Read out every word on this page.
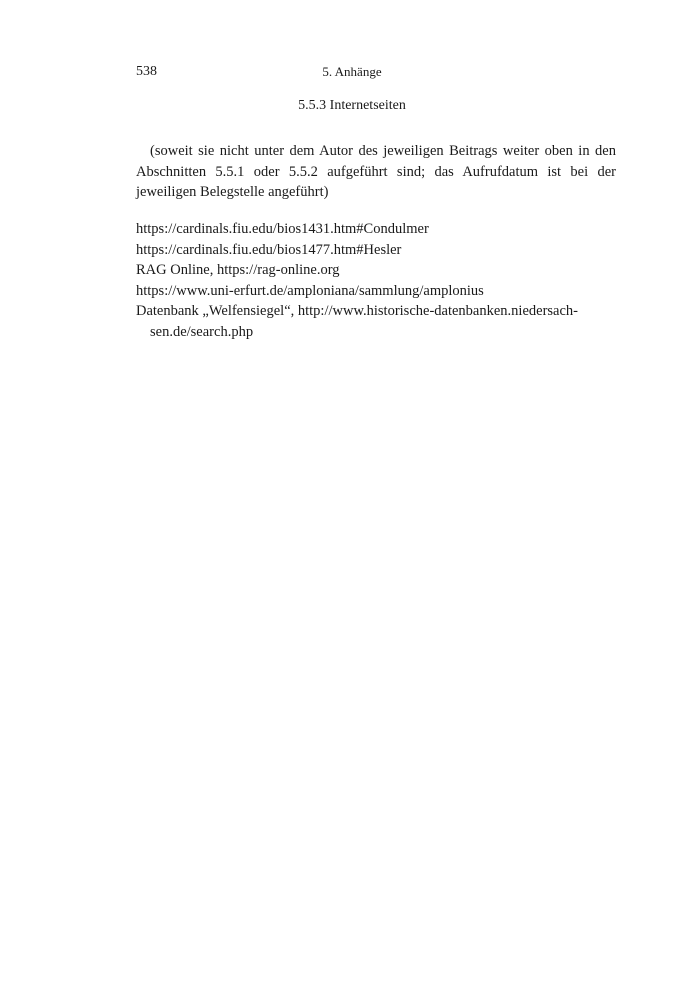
538	5. Anhänge
5.5.3 Internetseiten

(soweit sie nicht unter dem Autor des jeweiligen Beitrags weiter oben in den Abschnitten 5.5.1 oder 5.5.2 aufgeführt sind; das Aufrufdatum ist bei der jeweiligen Belegstelle angeführt)

https://cardinals.fiu.edu/bios1431.htm#Condulmer
https://cardinals.fiu.edu/bios1477.htm#Hesler
RAG Online, https://rag-online.org
https://www.uni-erfurt.de/amploniana/sammlung/amplonius
Datenbank „Welfensiegel“, http://www.historische-datenbanken.niedersach- sen.de/search.php
